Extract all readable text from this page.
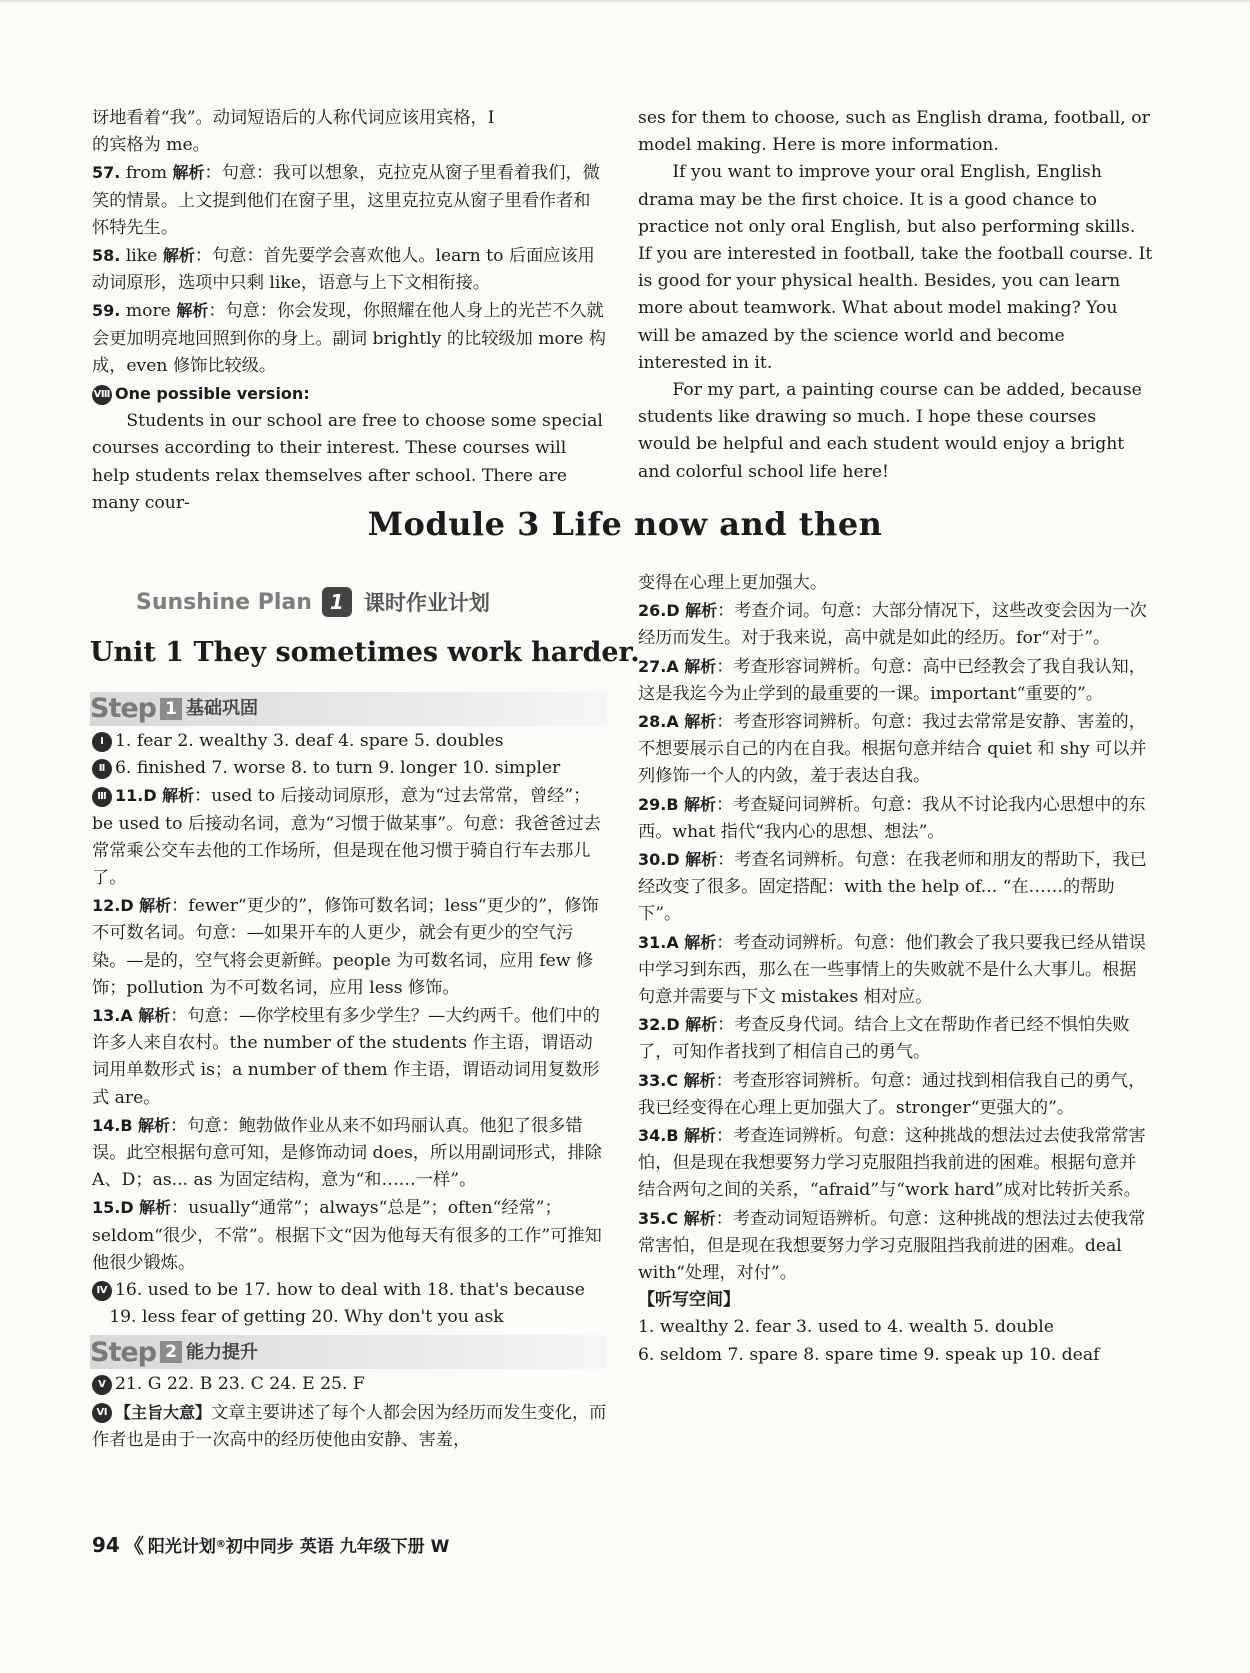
讶地看着“我”。动词短语后的人称代词应该用宾格，I

的宾格为 me。

57. from 解析：句意：我可以想象，克拉克从窗子里看着我们，微笑的情景。上文提到他们在窗子里，这里克拉克从窗子里看作者和怀特先生。

58. like 解析：句意：首先要学会喜欢他人。learn to 后面应该用动词原形，选项中只剩 like，语意与上下文相衔接。

59. more 解析：句意：你会发现，你照耀在他人身上的光芒不久就会更加明亮地回照到你的身上。副词 brightly 的比较级加 more 构成，even 修饰比较级。

Ⅷ One possible version:

Students in our school are free to choose some special courses according to their interest. These courses will help students relax themselves after school. There are many cour-

ses for them to choose, such as English drama, football, or model making. Here is more information.

If you want to improve your oral English, English drama may be the first choice. It is a good chance to practice not only oral English, but also performing skills. If you are interested in football, take the football course. It is good for your physical health. Besides, you can learn more about teamwork. What about model making? You will be amazed by the science world and become interested in it.

For my part, a painting course can be added, because students like drawing so much. I hope these courses would be helpful and each student would enjoy a bright and colorful school life here!

Module 3 Life now and then
Sunshine Plan 1 课时作业计划
Unit 1 They sometimes work harder.
Step 1 基础巩固

Ⅰ 1. fear 2. wealthy 3. deaf 4. spare 5. doubles

Ⅱ 6. finished 7. worse 8. to turn 9. longer 10. simpler

Ⅲ 11.D 解析：used to 后接动词原形，意为“过去常常，曾经”；be used to 后接动名词，意为“习惯于做某事”。句意：我爸爸过去常常乘公交车去他的工作场所，但是现在他习惯于骑自行车去那儿了。

12.D 解析：fewer“更少的”，修饰可数名词；less“更少的”，修饰不可数名词。句意：—如果开车的人更少，就会有更少的空气污染。—是的，空气将会更新鲜。people 为可数名词，应用 few 修饰；pollution 为不可数名词，应用 less 修饰。

13.A 解析：句意：—你学校里有多少学生？—大约两千。他们中的许多人来自农村。the number of the students 作主语，谓语动词用单数形式 is；a number of them 作主语，谓语动词用复数形式 are。

14.B 解析：句意：鲍勃做作业从来不如玛丽认真。他犯了很多错误。此空根据句意可知，是修饰动词 does，所以用副词形式，排除 A、D；as... as 为固定结构，意为“和……一样”。

15.D 解析：usually“通常”；always“总是”；often“经常”；seldom“很少，不常”。根据下文“因为他每天有很多的工作”可推知他很少锻炼。

Ⅳ 16. used to be 17. how to deal with 18. that's because

19. less fear of getting 20. Why don't you ask

Step 2 能力提升

Ⅴ 21. G 22. B 23. C 24. E 25. F

Ⅵ 【主旨大意】文章主要讲述了每个人都会因为经历而发生变化，而作者也是由于一次高中的经历使他由安静、害羞，

变得在心理上更加强大。

26.D 解析：考查介词。句意：大部分情况下，这些改变会因为一次经历而发生。对于我来说，高中就是如此的经历。for“对于”。

27.A 解析：考查形容词辨析。句意：高中已经教会了我自我认知，这是我迄今为止学到的最重要的一课。important“重要的”。

28.A 解析：考查形容词辨析。句意：我过去常常是安静、害羞的，不想要展示自己的内在自我。根据句意并结合 quiet 和 shy 可以并列修饰一个人的内敛，羞于表达自我。

29.B 解析：考查疑问词辨析。句意：我从不讨论我内心思想中的东西。what 指代“我内心的思想、想法”。

30.D 解析：考查名词辨析。句意：在我老师和朋友的帮助下，我已经改变了很多。固定搭配：with the help of... “在……的帮助下”。

31.A 解析：考查动词辨析。句意：他们教会了我只要我已经从错误中学习到东西，那么在一些事情上的失败就不是什么大事儿。根据句意并需要与下文 mistakes 相对应。

32.D 解析：考查反身代词。结合上文在帮助作者已经不惧怕失败了，可知作者找到了相信自己的勇气。

33.C 解析：考查形容词辨析。句意：通过找到相信我自己的勇气，我已经变得在心理上更加强大了。stronger“更强大的”。

34.B 解析：考查连词辨析。句意：这种挑战的想法过去使我常常害怕，但是现在我想要努力学习克服阻挡我前进的困难。根据句意并结合两句之间的关系，“afraid”与“work hard”成对比转折关系。

35.C 解析：考查动词短语辨析。句意：这种挑战的想法过去使我常常害怕，但是现在我想要努力学习克服阻挡我前进的困难。deal with“处理，对付”。

【听写空间】

1. wealthy 2. fear 3. used to 4. wealth 5. double

6. seldom 7. spare 8. spare time 9. speak up 10. deaf

94 《 阳光计划 ® 初中同步 英语 九年级下册 W
